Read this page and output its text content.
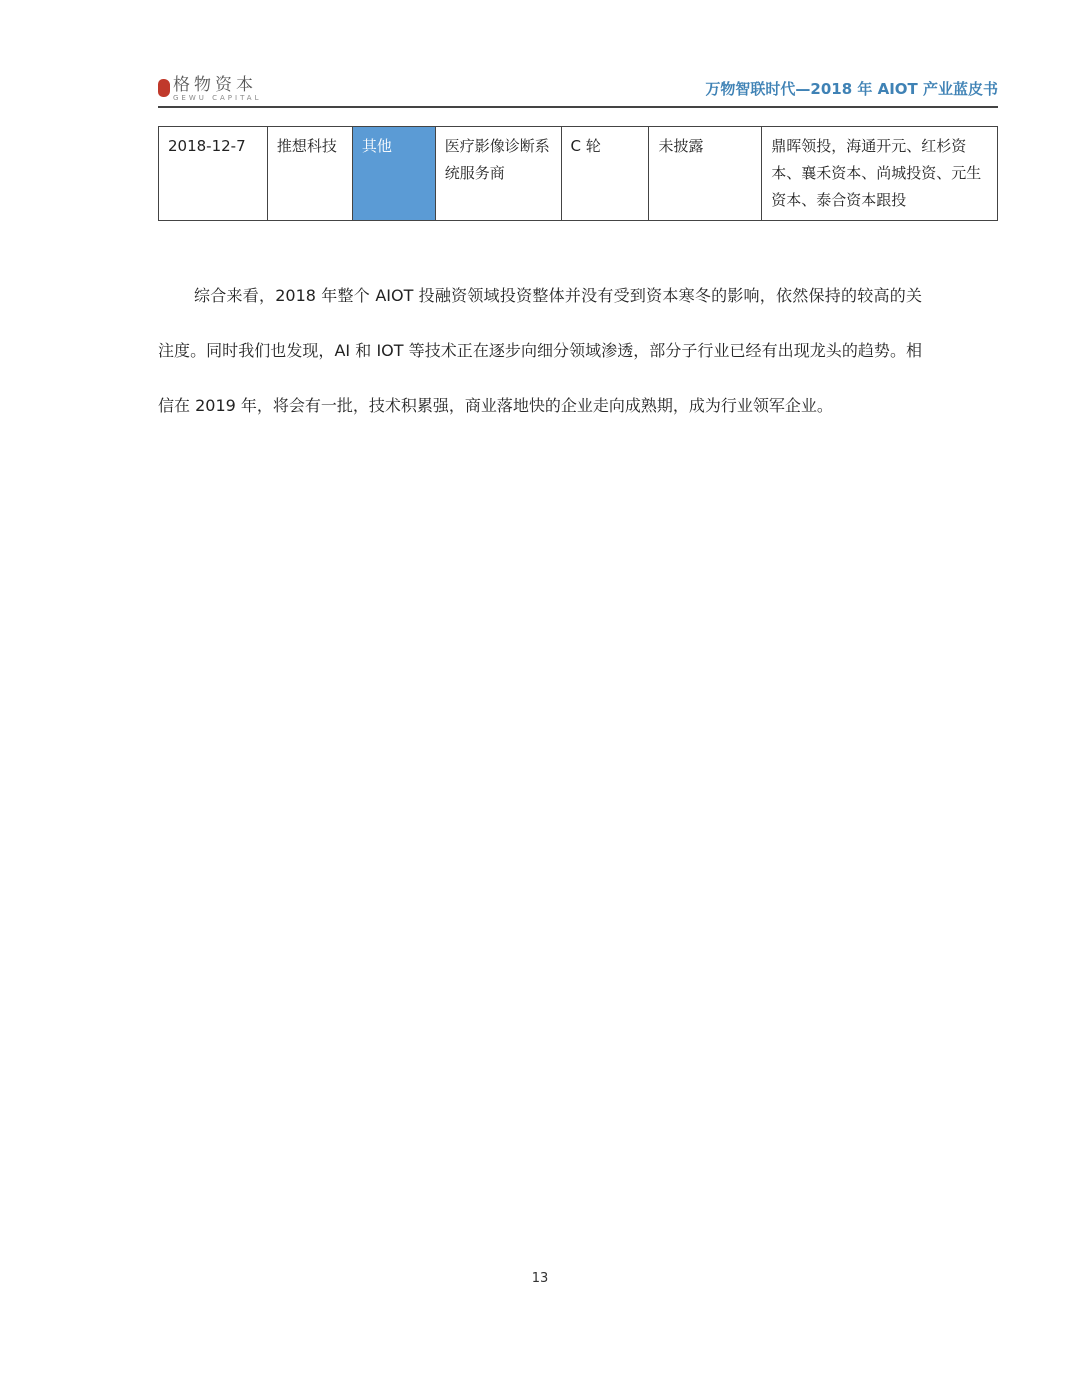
格物资本
GEWU CAPITAL	万物智联时代—2018 年 AIOT 产业蓝皮书
2018-12-7	推想科技	其他	医疗影像诊断系统服务商	C 轮	未披露	鼎晖领投，海通开元、红杉资本、襄禾资本、尚城投资、元生资本、泰合资本跟投

综合来看，2018 年整个 AIOT 投融资领域投资整体并没有受到资本寒冬的影响，依然保持的较高的关注度。同时我们也发现，AI 和 IOT 等技术正在逐步向细分领域渗透，部分子行业已经有出现龙头的趋势。相信在 2019 年，将会有一批，技术积累强，商业落地快的企业走向成熟期，成为行业领军企业。

13
